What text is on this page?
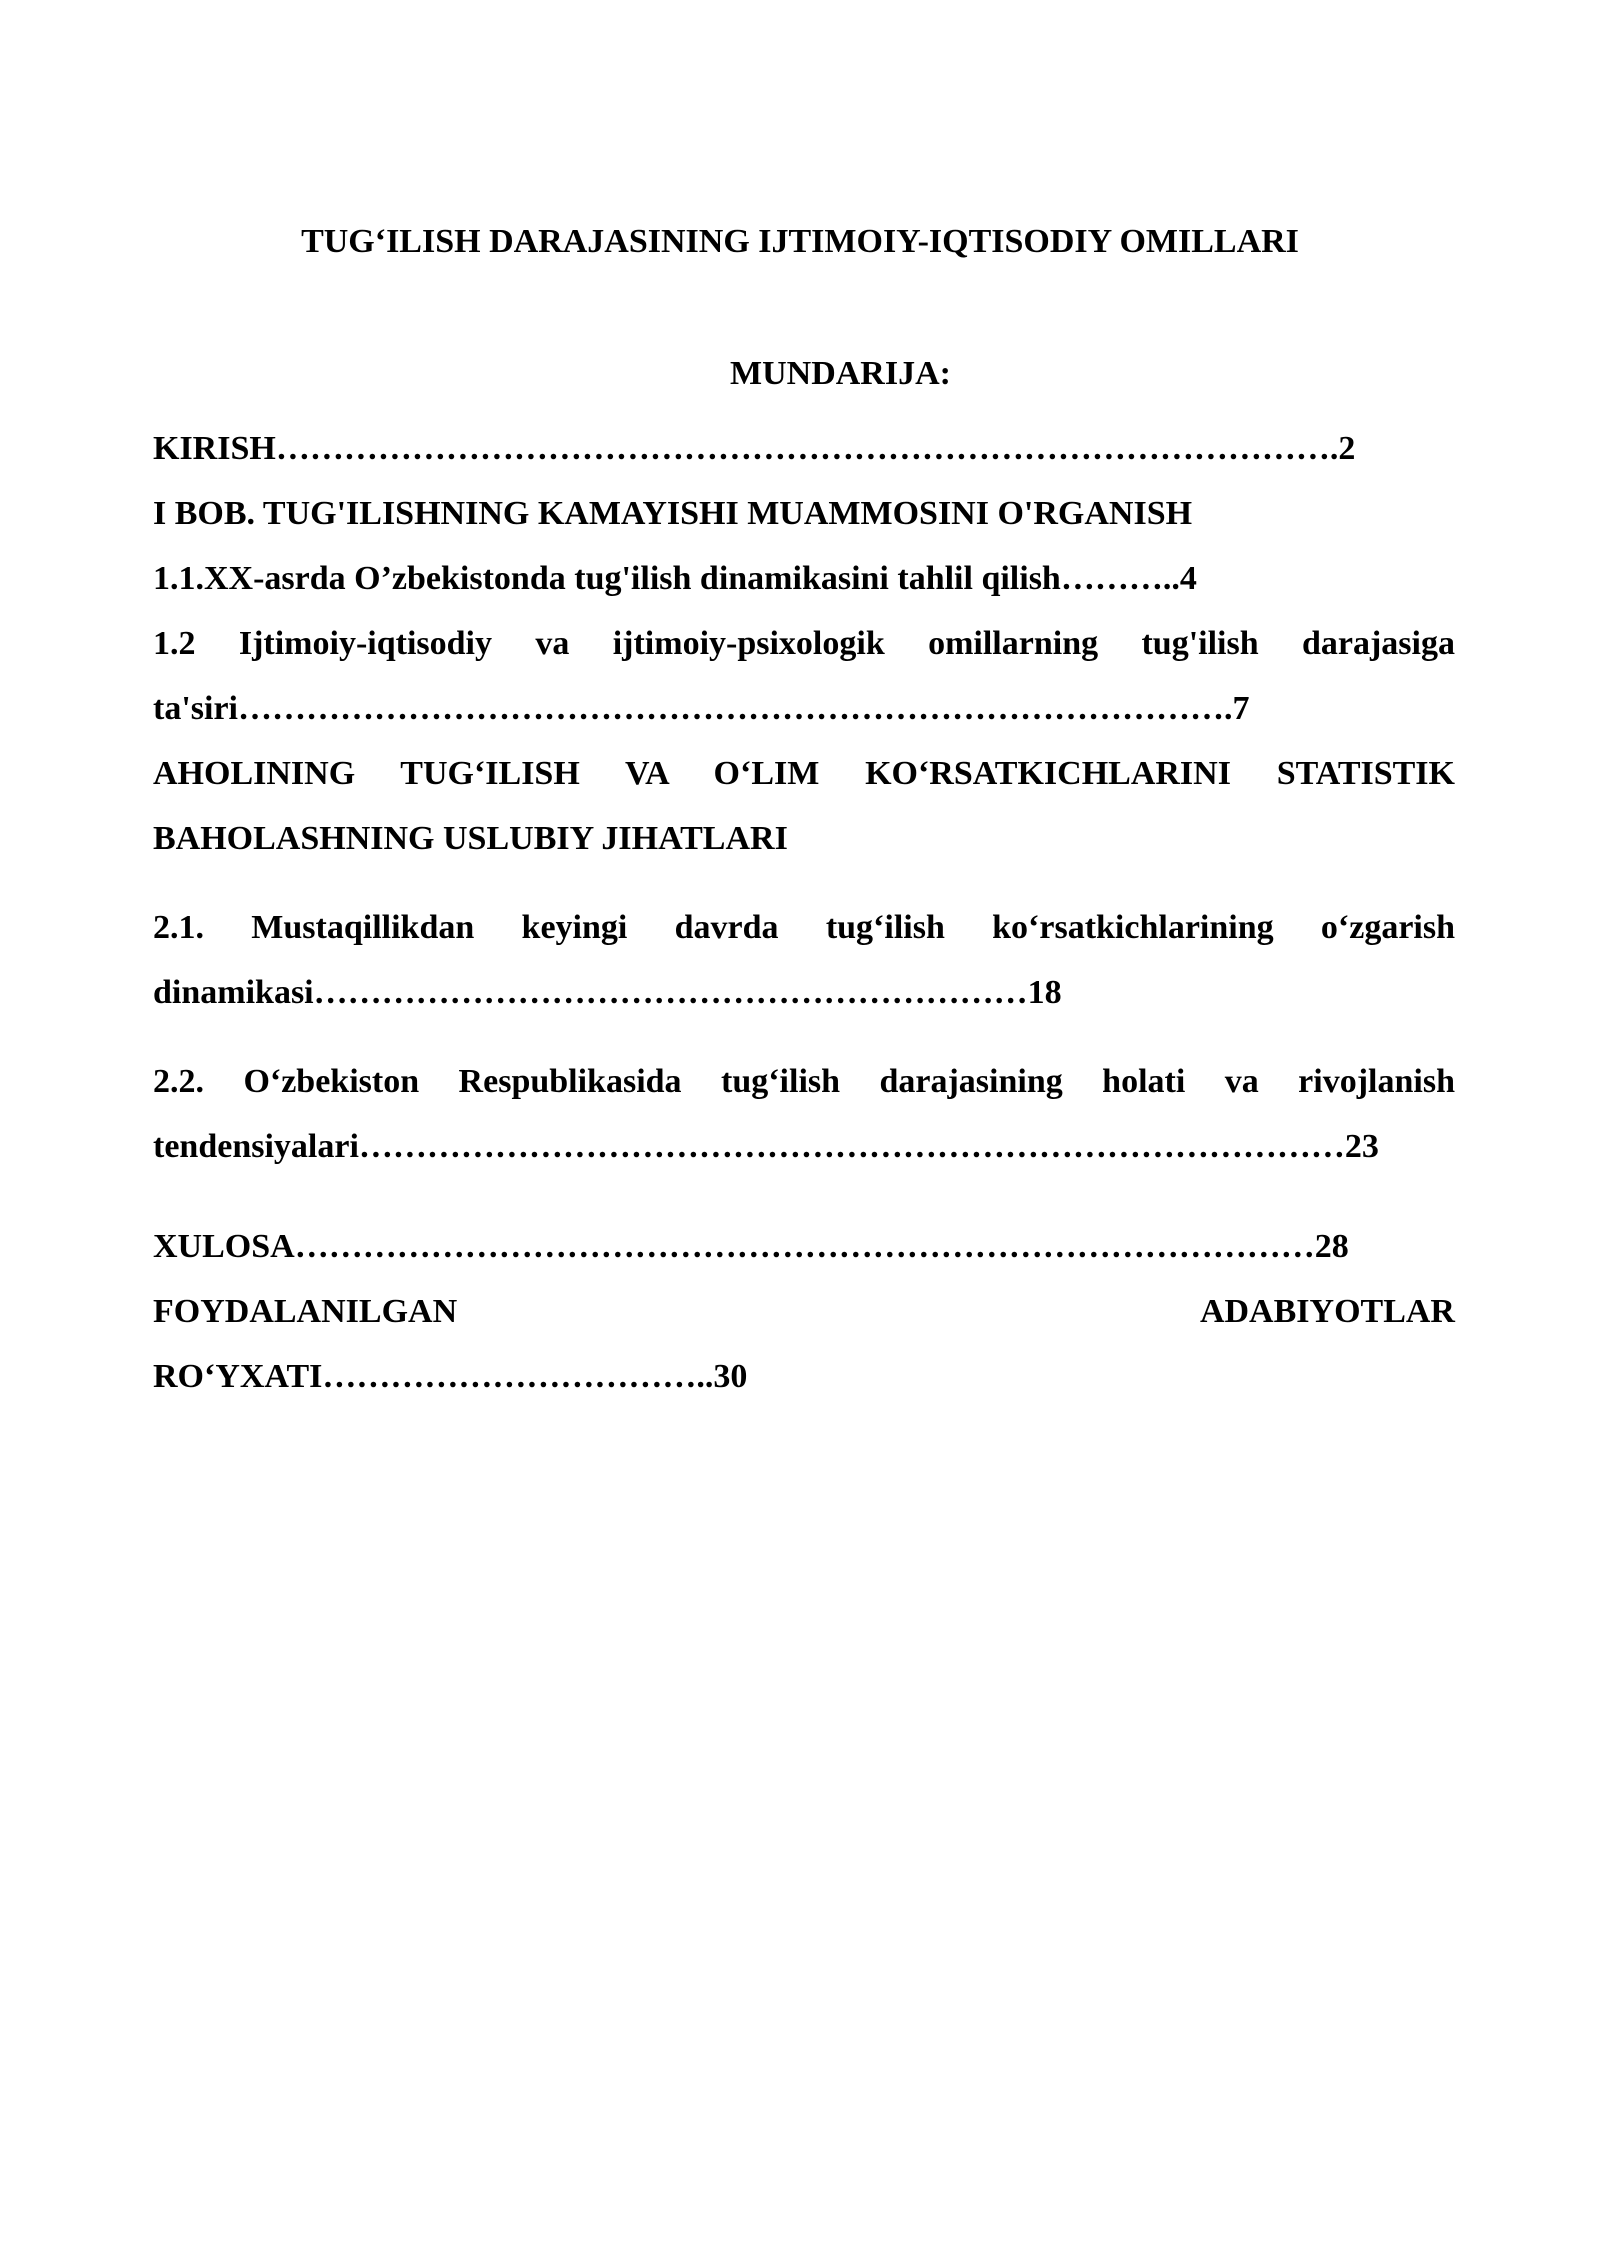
TUG‘ILISH DARAJASINING IJTIMOIY-IQTISODIY OMILLARI
MUNDARIJA:

KIRISH………………………………………………………………………………….2

I BOB. TUG'ILISHNING KAMAYISHI MUAMMOSINI O'RGANISH

1.1.XX-asrda O’zbekistonda tug'ilish dinamikasini tahlil qilish………..4

1.2 Ijtimoiy-iqtisodiy va ijtimoiy-psixologik omillarning tug'ilish darajasiga ta'siri…………………………………………………………………………….7

AHOLINING TUG‘ILISH VA O‘LIM KO‘RSATKICHLARINI STATISTIK BAHOLASHNING USLUBIY JIHATLARI

2.1. Mustaqillikdan keyingi davrda tug‘ilish ko‘rsatkichlarining o‘zgarish dinamikasi………………………………………………………18

2.2. O‘zbekiston Respublikasida tug‘ilish darajasining holati va rivojlanish tendensiyalari……………………………………………………………………………23

XULOSA………………………………………………………………………………28

FOYDALANILGAN	ADABIYOTLAR

RO‘YXATI……………………………..30
